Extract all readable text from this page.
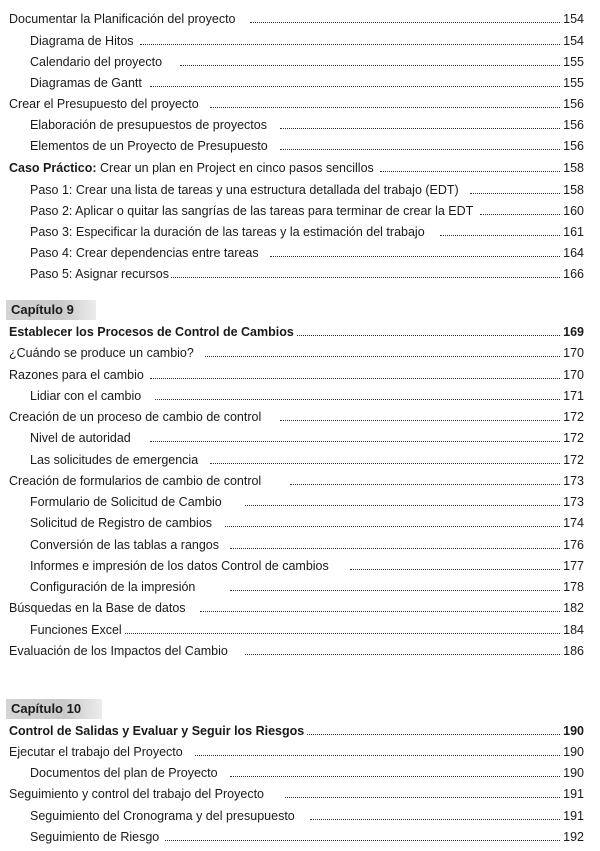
Documentar la Planificación del proyecto	154
Diagrama de Hitos	154
Calendario del proyecto	155
Diagramas de Gantt	155
Crear el Presupuesto del proyecto	156
Elaboración de presupuestos de proyectos	156
Elementos de un Proyecto de Presupuesto	156
Caso Práctico: Crear un plan en Project en cinco pasos sencillos	158
Paso 1: Crear una lista de tareas y una estructura detallada del trabajo (EDT)	158
Paso 2: Aplicar o quitar las sangrías de las tareas para terminar de crear la EDT	160
Paso 3: Especificar la duración de las tareas y la estimación del trabajo	161
Paso 4: Crear dependencias entre tareas	164
Paso 5: Asignar recursos	166
Capítulo 9
Establecer los Procesos de Control de Cambios	169
¿Cuándo se produce un cambio?	170
Razones para el cambio	170
Lidiar con el cambio	171
Creación de un proceso de cambio de control	172
Nivel de autoridad	172
Las solicitudes de emergencia	172
Creación de formularios de cambio de control	173
Formulario de Solicitud de Cambio	173
Solicitud de Registro de cambios	174
Conversión de las tablas a rangos	176
Informes e impresión de los datos Control de cambios	177
Configuración de la impresión	178
Búsquedas en la Base de datos	182
Funciones Excel	184
Evaluación de los Impactos del Cambio	186
Capítulo 10
Control de Salidas y Evaluar y Seguir los Riesgos	190
Ejecutar el trabajo del Proyecto	190
Documentos del plan de Proyecto	190
Seguimiento y control del trabajo del Proyecto	191
Seguimiento del Cronograma y del presupuesto	191
Seguimiento de Riesgo	192
